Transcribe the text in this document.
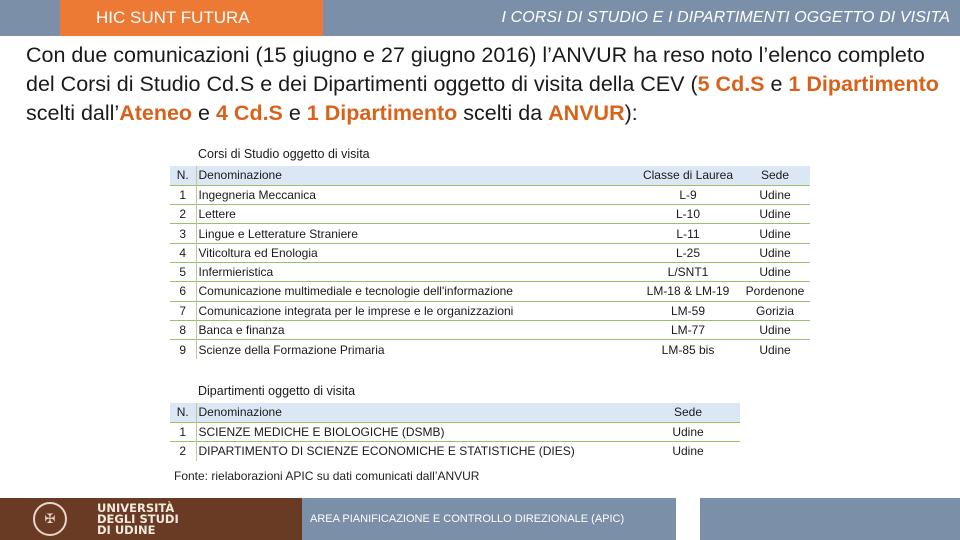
HIC SUNT FUTURA	I CORSI DI STUDIO E I DIPARTIMENTI OGGETTO DI VISITA
Con due comunicazioni (15 giugno e 27 giugno 2016) l’ANVUR ha reso noto l’elenco completo del Corsi di Studio Cd.S e dei Dipartimenti oggetto di visita della CEV (5 Cd.S e 1 Dipartimento scelti dall’Ateneo e 4 Cd.S e 1 Dipartimento scelti da ANVUR):
Corsi di Studio oggetto di visita
N.	Denominazione	Classe di Laurea	Sede
1	Ingegneria Meccanica	L-9	Udine
2	Lettere	L-10	Udine
3	Lingue e Letterature Straniere	L-11	Udine
4	Viticoltura ed Enologia	L-25	Udine
5	Infermieristica	L/SNT1	Udine
6	Comunicazione multimediale e tecnologie dell'informazione	LM-18 & LM-19	Pordenone
7	Comunicazione integrata per le imprese e le organizzazioni	LM-59	Gorizia
8	Banca e finanza	LM-77	Udine
9	Scienze della Formazione Primaria	LM-85 bis	Udine
Dipartimenti oggetto di visita
N.	Denominazione	Sede
1	SCIENZE MEDICHE E BIOLOGICHE (DSMB)	Udine
2	DIPARTIMENTO DI SCIENZE ECONOMICHE E STATISTICHE (DIES)	Udine
Fonte: rielaborazioni APIC su dati comunicati dall’ANVUR
✠
UNIVERSITÀ
DEGLI STUDI
DI UDINE
AREA PIANIFICAZIONE E CONTROLLO DIREZIONALE (APIC)
